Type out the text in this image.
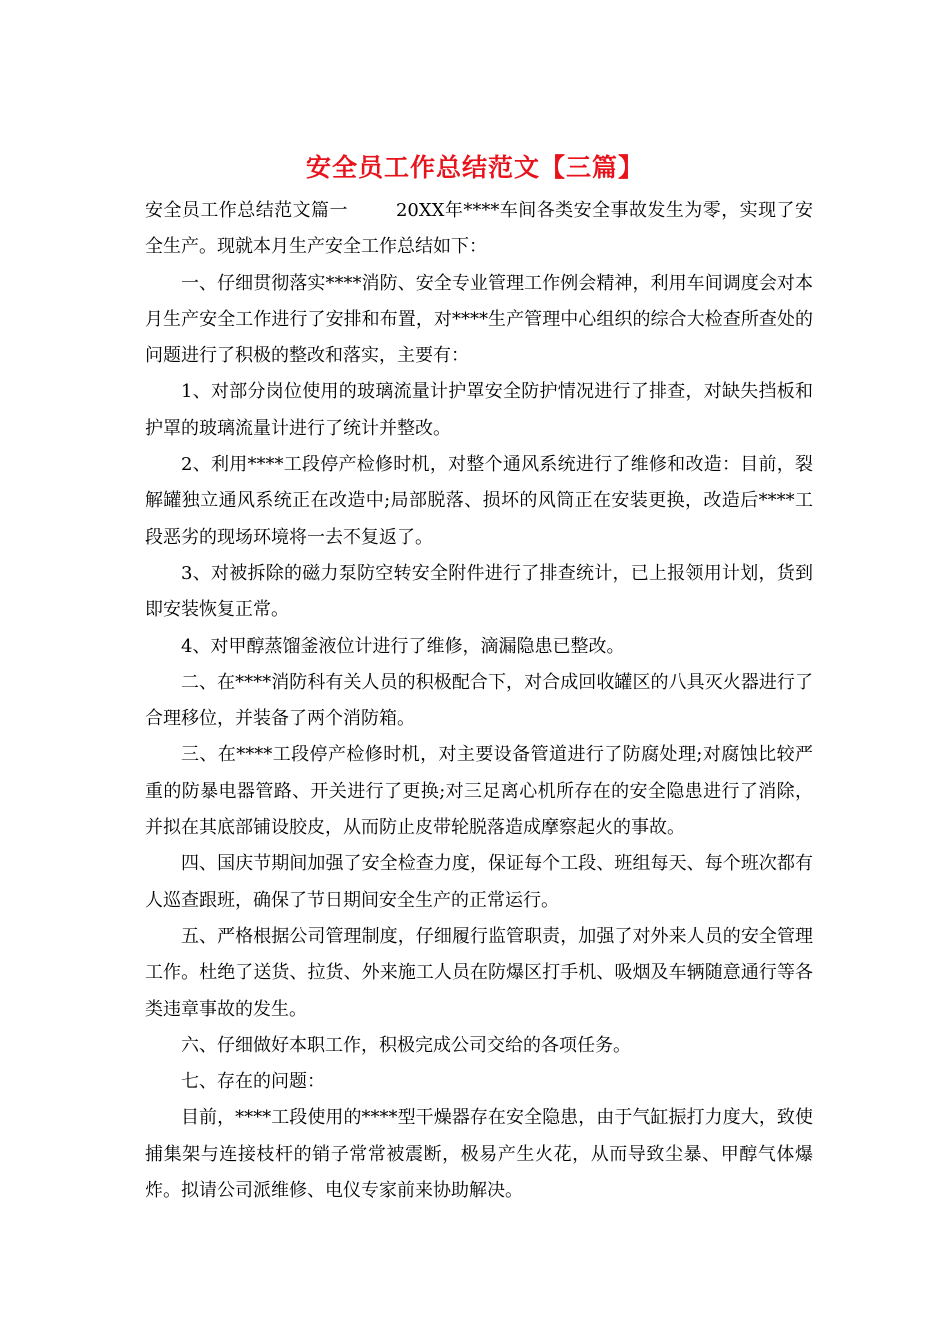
安全员工作总结范文【三篇】

安全员工作总结范文篇一	20XX年****车间各类安全事故发生为零，实现了安全生产。现就本月生产安全工作总结如下：

一、仔细贯彻落实****消防、安全专业管理工作例会精神，利用车间调度会对本月生产安全工作进行了安排和布置，对****生产管理中心组织的综合大检查所查处的问题进行了积极的整改和落实，主要有：

1、对部分岗位使用的玻璃流量计护罩安全防护情况进行了排查，对缺失挡板和护罩的玻璃流量计进行了统计并整改。

2、利用****工段停产检修时机，对整个通风系统进行了维修和改造：目前，裂解罐独立通风系统正在改造中;局部脱落、损坏的风筒正在安装更换，改造后****工段恶劣的现场环境将一去不复返了。

3、对被拆除的磁力泵防空转安全附件进行了排查统计，已上报领用计划，货到即安装恢复正常。

4、对甲醇蒸馏釜液位计进行了维修，滴漏隐患已整改。

二、在****消防科有关人员的积极配合下，对合成回收罐区的八具灭火器进行了合理移位，并装备了两个消防箱。

三、在****工段停产检修时机，对主要设备管道进行了防腐处理;对腐蚀比较严重的防暴电器管路、开关进行了更换;对三足离心机所存在的安全隐患进行了消除，并拟在其底部铺设胶皮，从而防止皮带轮脱落造成摩察起火的事故。

四、国庆节期间加强了安全检查力度，保证每个工段、班组每天、每个班次都有人巡查跟班，确保了节日期间安全生产的正常运行。

五、严格根据公司管理制度，仔细履行监管职责，加强了对外来人员的安全管理工作。杜绝了送货、拉货、外来施工人员在防爆区打手机、吸烟及车辆随意通行等各类违章事故的发生。

六、仔细做好本职工作，积极完成公司交给的各项任务。

七、存在的问题：

目前，****工段使用的****型干燥器存在安全隐患，由于气缸振打力度大，致使捕集架与连接枝杆的销子常常被震断，极易产生火花，从而导致尘暴、甲醇气体爆炸。拟请公司派维修、电仪专家前来协助解决。
